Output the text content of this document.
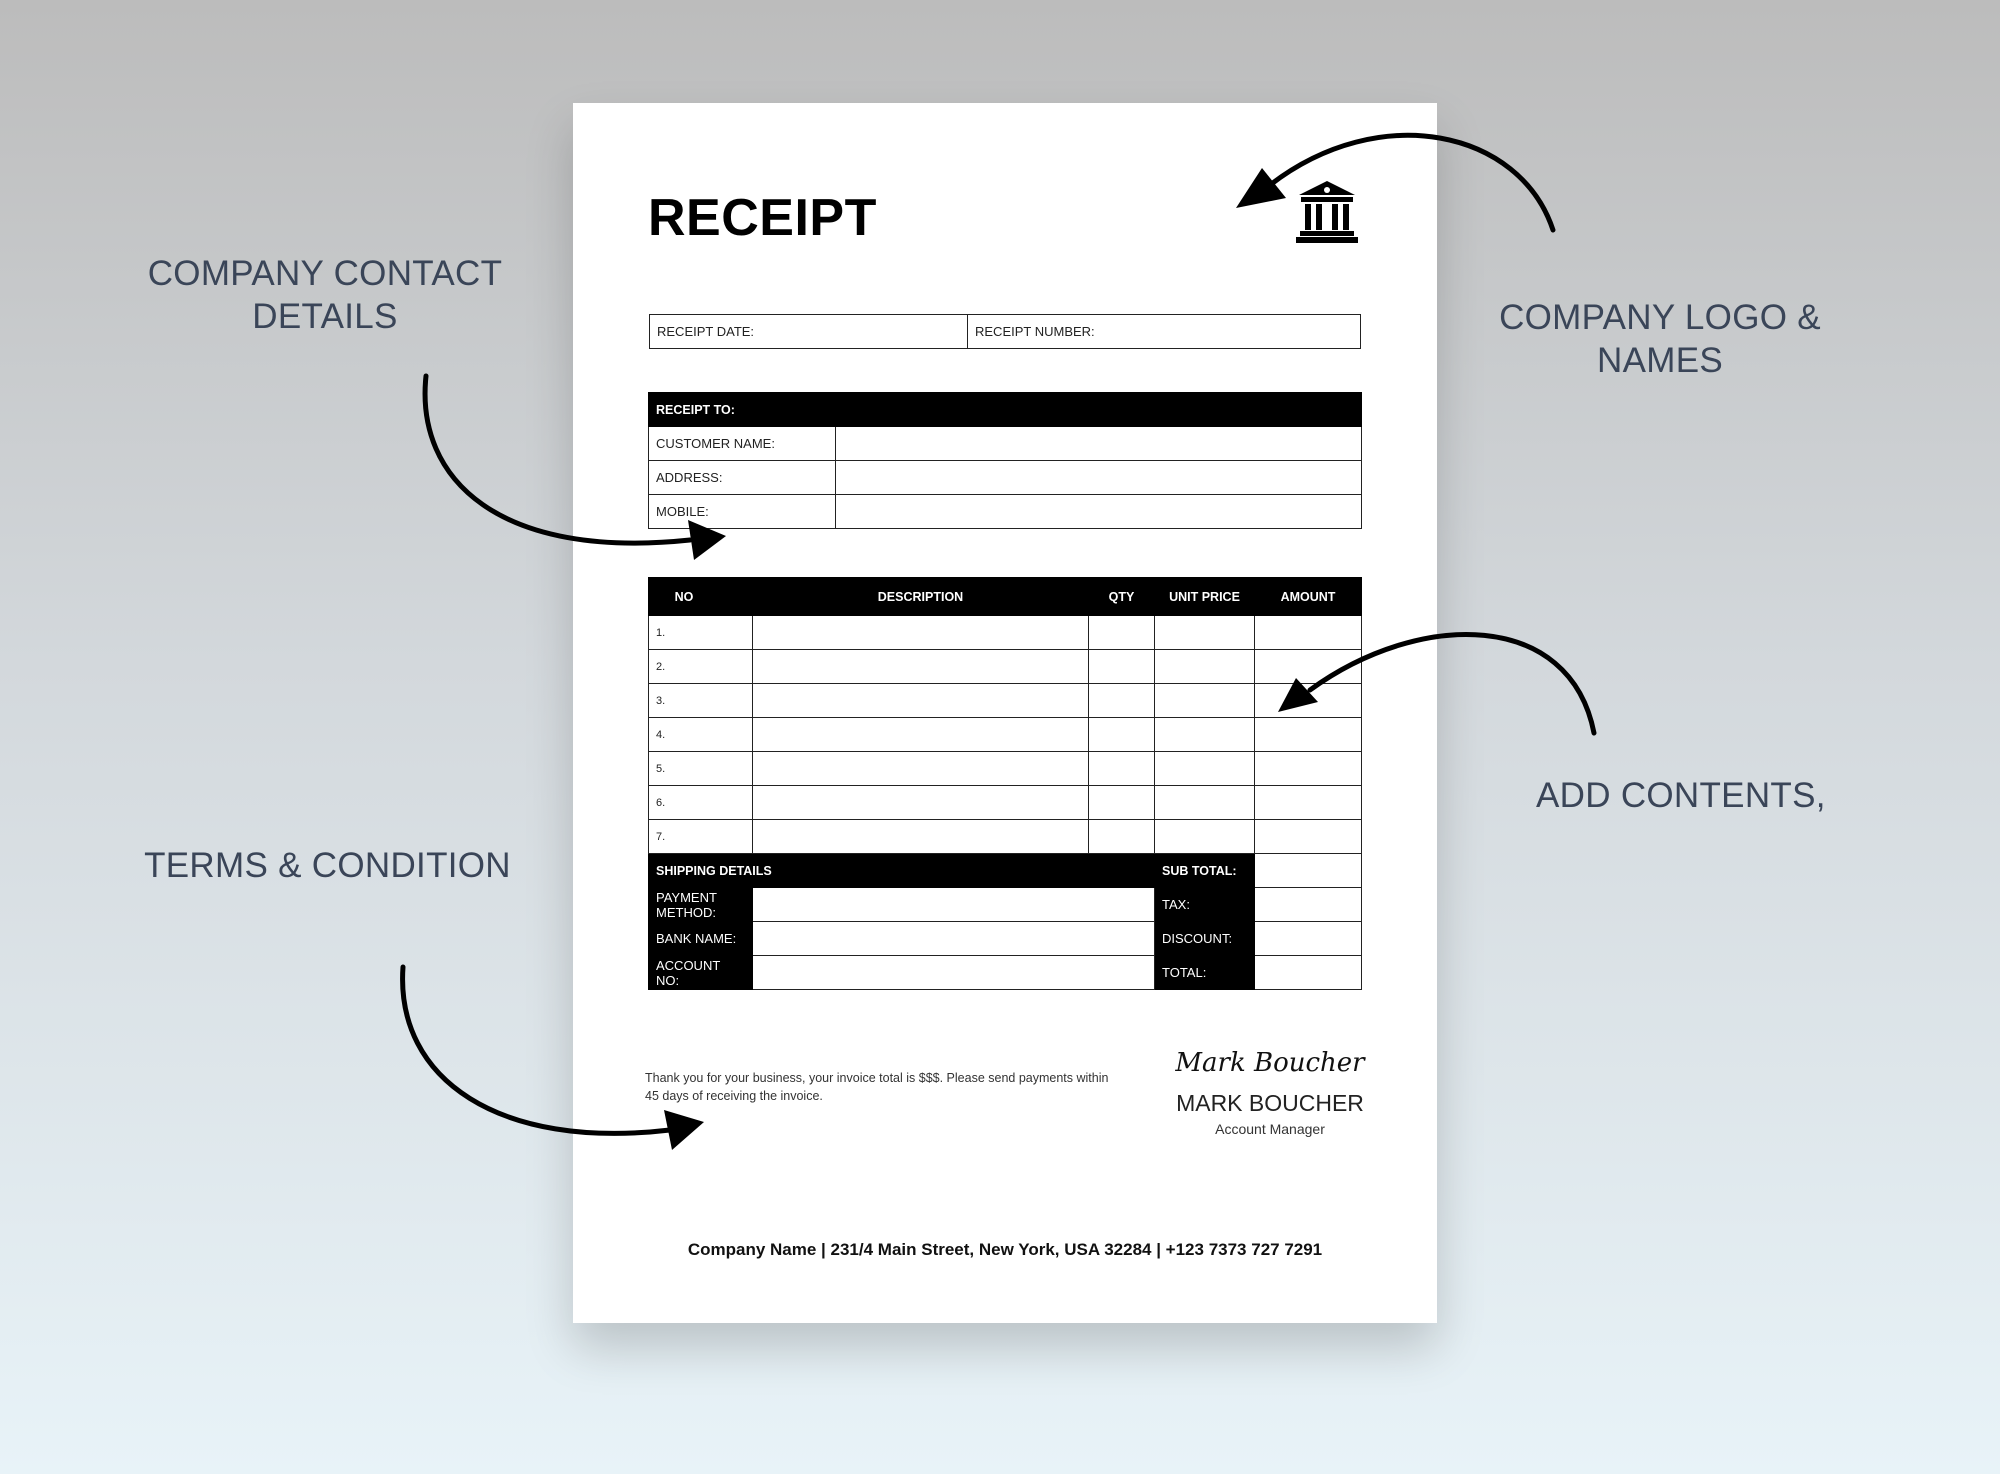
COMPANY CONTACT
DETAILS	COMPANY LOGO &
NAMES
ADD CONTENTS,
TERMS & CONDITION
RECEIPT
RECEIPT DATE:	RECEIPT NUMBER:
RECEIPT TO:	
CUSTOMER NAME:	
ADDRESS:	
MOBILE:	
NO		DESCRIPTION	QTY	UNIT PRICE	AMOUNT
1.					
2.					
3.					
4.					
5.					
6.					
7.					
SHIPPING DETAILS				SUB TOTAL:	
PAYMENT METHOD:				TAX:	
BANK NAME:				DISCOUNT:	
ACCOUNT NO:				TOTAL:	
Thank you for your business, your invoice total is $$$. Please send payments within 45 days of receiving the invoice.
Mark Boucher
MARK BOUCHER
Account Manager
Company Name | 231/4 Main Street, New York, USA 32284 | +123 7373 727 7291
